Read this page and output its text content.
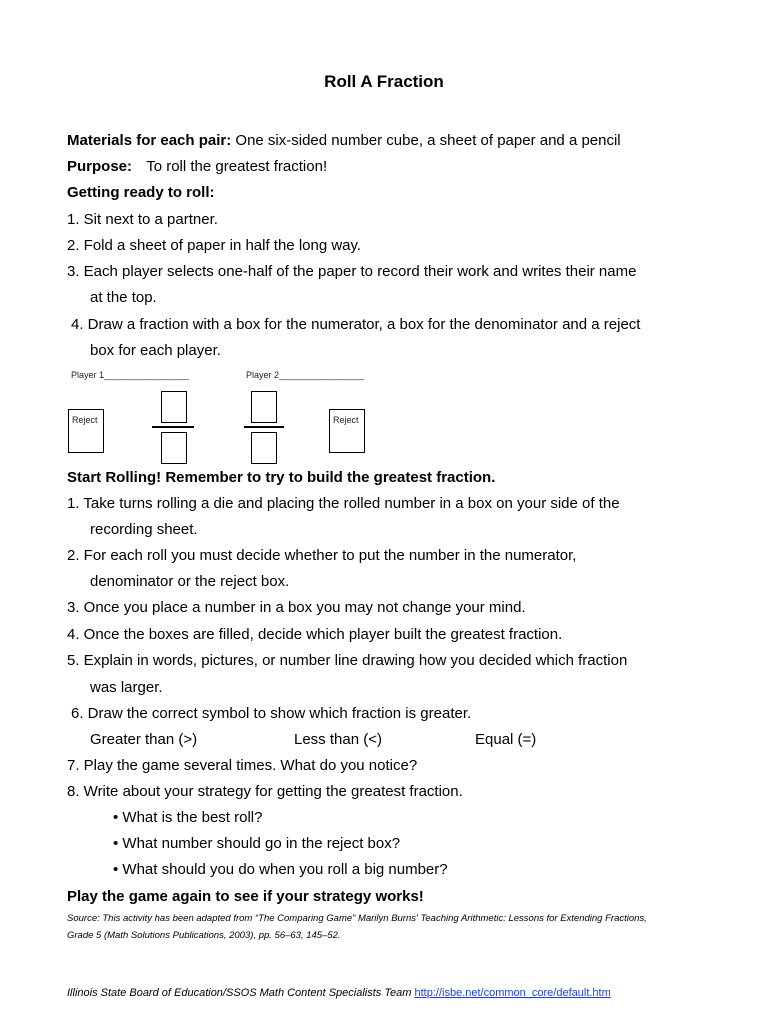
Roll A Fraction
Materials for each pair: One six-sided number cube, a sheet of paper and a pencil
Purpose: To roll the greatest fraction!
Getting ready to roll:
1. Sit next to a partner.
2. Fold a sheet of paper in half the long way.
3. Each player selects one-half of the paper to record their work and writes their name
at the top.
4. Draw a fraction with a box for the numerator, a box for the denominator and a reject
box for each player.
Player 1_________________	Player 2_________________
Reject	Reject
Start Rolling! Remember to try to build the greatest fraction.
1. Take turns rolling a die and placing the rolled number in a box on your side of the
recording sheet.
2. For each roll you must decide whether to put the number in the numerator,
denominator or the reject box.
3. Once you place a number in a box you may not change your mind.
4. Once the boxes are filled, decide which player built the greatest fraction.
5. Explain in words, pictures, or number line drawing how you decided which fraction
was larger.
6. Draw the correct symbol to show which fraction is greater.
Greater than (>)	Less than (<)	Equal (=)
7. Play the game several times. What do you notice?
8. Write about your strategy for getting the greatest fraction.
• What is the best roll?
• What number should go in the reject box?
• What should you do when you roll a big number?
Play the game again to see if your strategy works!
Source: This activity has been adapted from “The Comparing Game” Marilyn Burns' Teaching Arithmetic: Lessons for Extending Fractions,
Grade 5 (Math Solutions Publications, 2003), pp. 56–63, 145–52.
Illinois State Board of Education/SSOS Math Content Specialists Team http://isbe.net/common_core/default.htm
